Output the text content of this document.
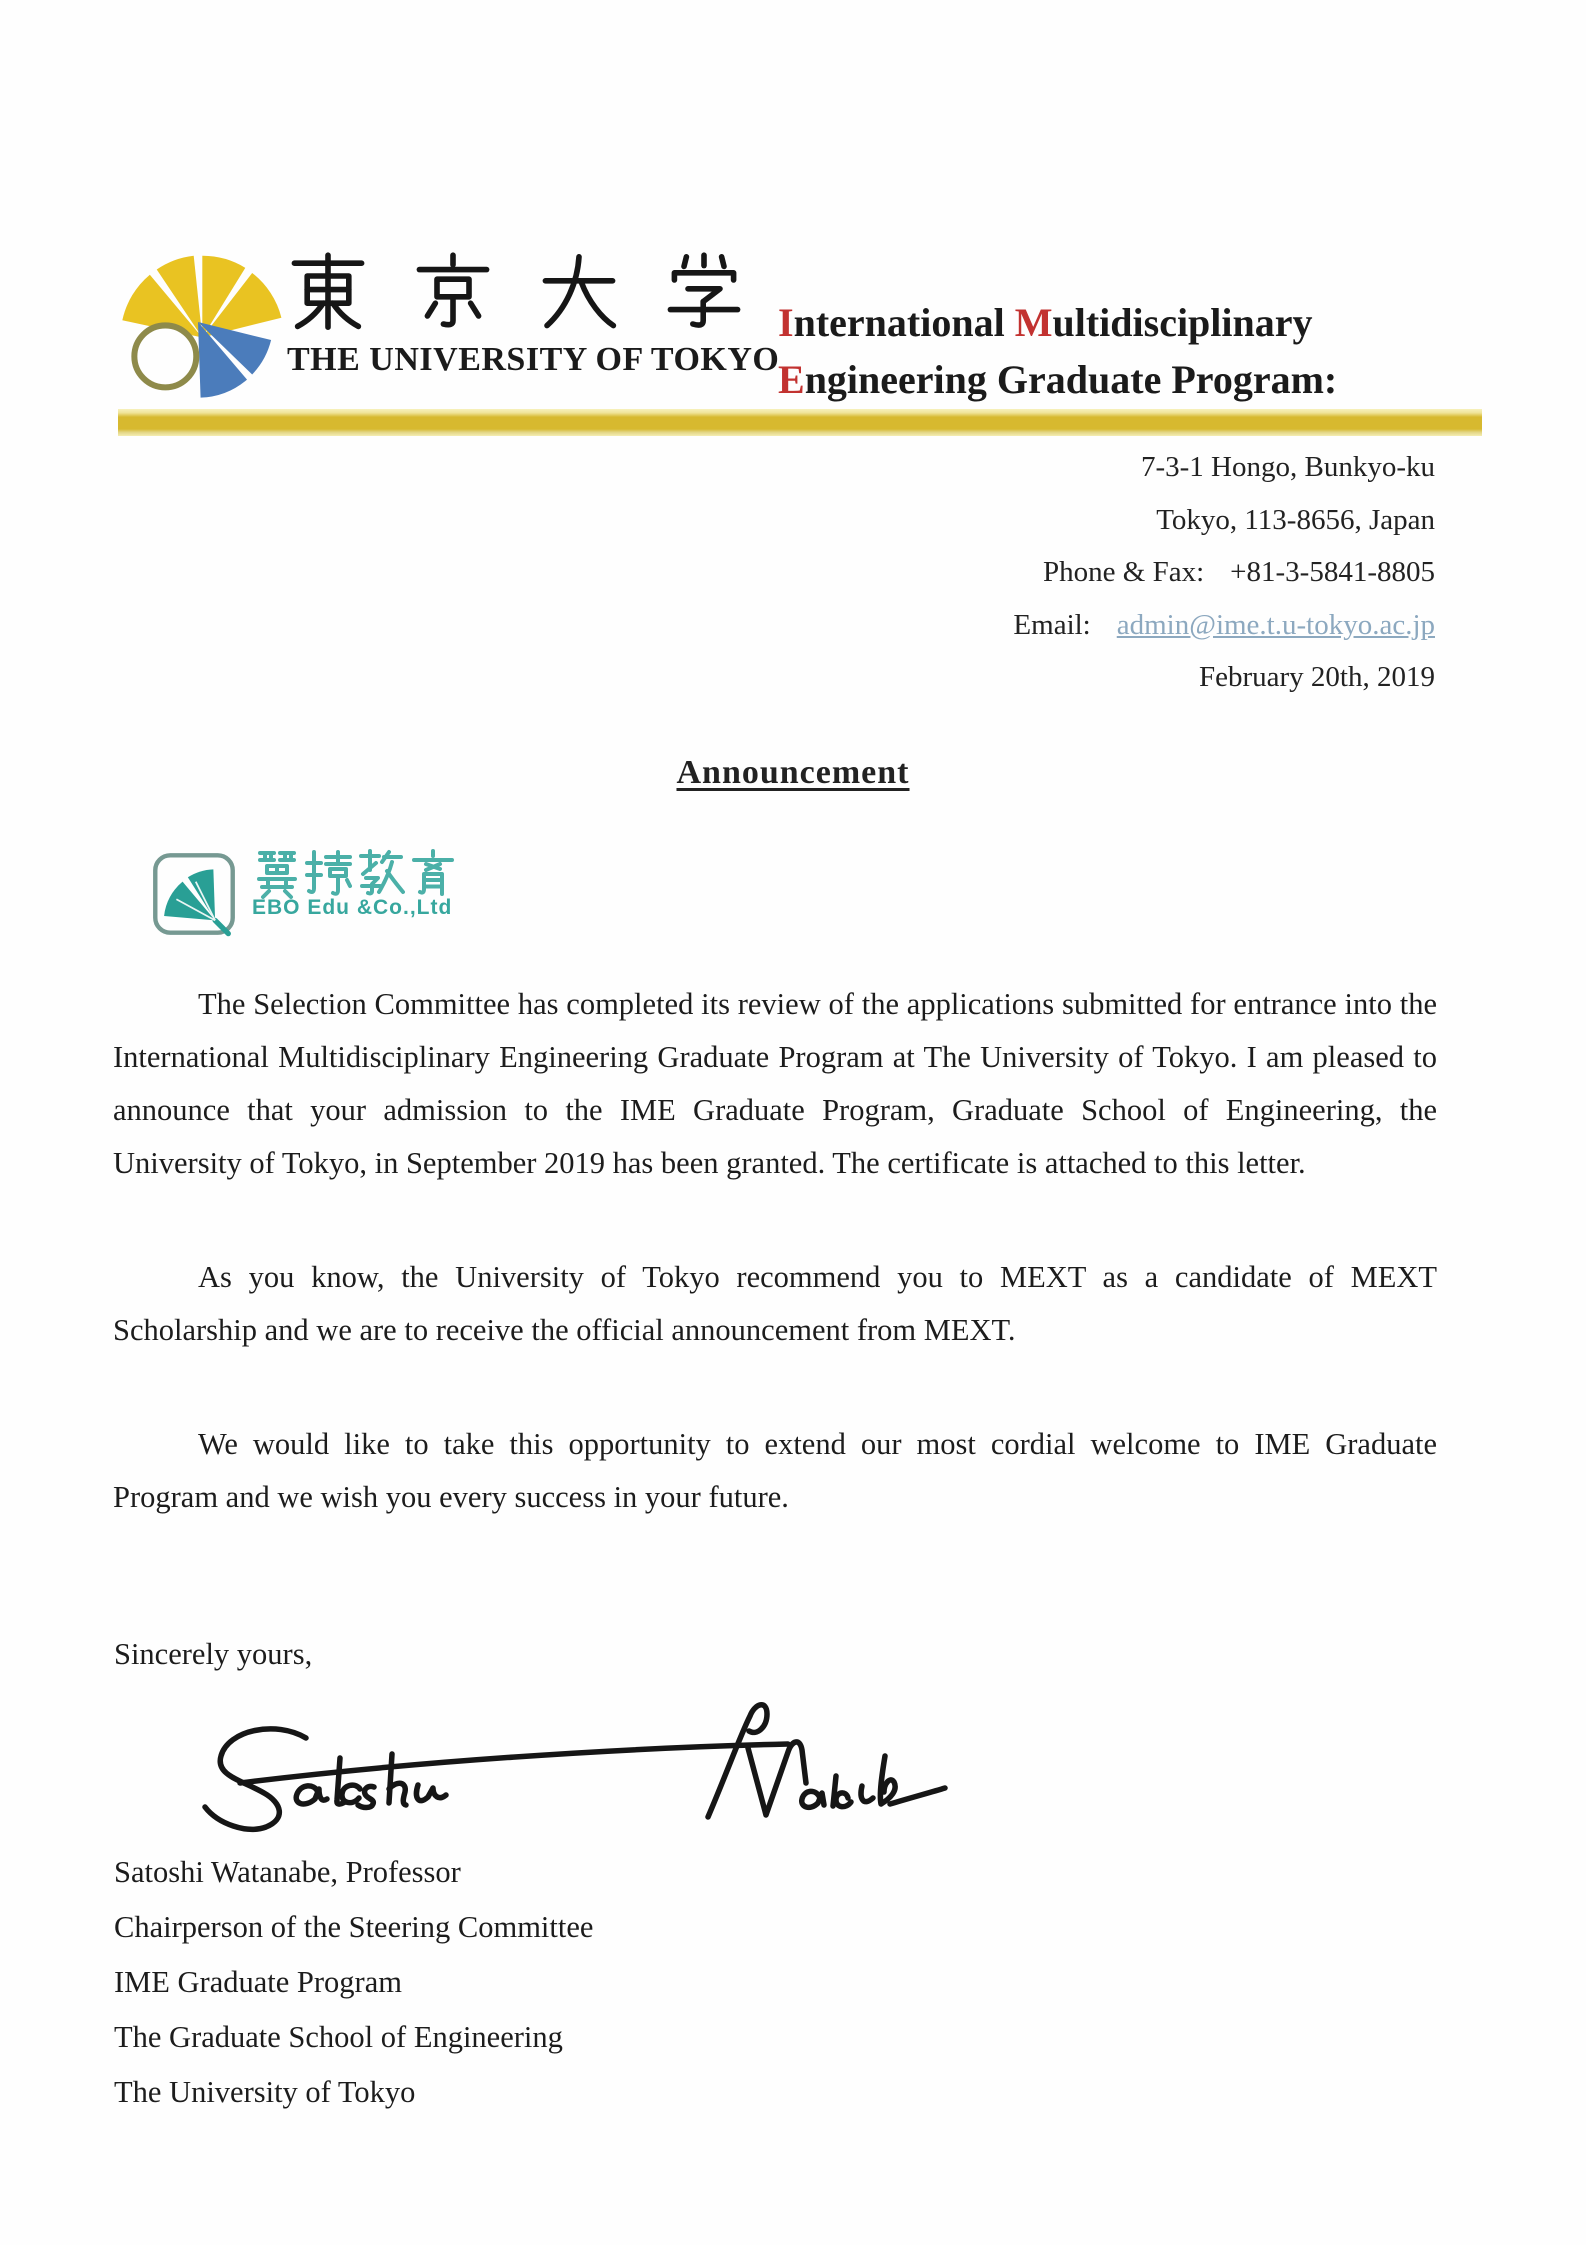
THE UNIVERSITY OF TOKYO
International Multidisciplinary
Engineering Graduate Program:
7-3-1 Hongo, Bunkyo-ku
Tokyo, 113-8656, Japan
Phone & Fax: +81-3-5841-8805
Email: admin@ime.t.u-tokyo.ac.jp
February 20th, 2019
Announcement
EBO Edu &Co.,Ltd

The Selection Committee has completed its review of the applications submitted for entrance into the International Multidisciplinary Engineering Graduate Program at The University of Tokyo. I am pleased to announce that your admission to the IME Graduate Program, Graduate School of Engineering, the University of Tokyo, in September 2019 has been granted. The certificate is attached to this letter.

As you know, the University of Tokyo recommend you to MEXT as a candidate of MEXT Scholarship and we are to receive the official announcement from MEXT.

We would like to take this opportunity to extend our most cordial welcome to IME Graduate Program and we wish you every success in your future.

Sincerely yours,
Satoshi Watanabe, Professor
Chairperson of the Steering Committee
IME Graduate Program
The Graduate School of Engineering
The University of Tokyo
